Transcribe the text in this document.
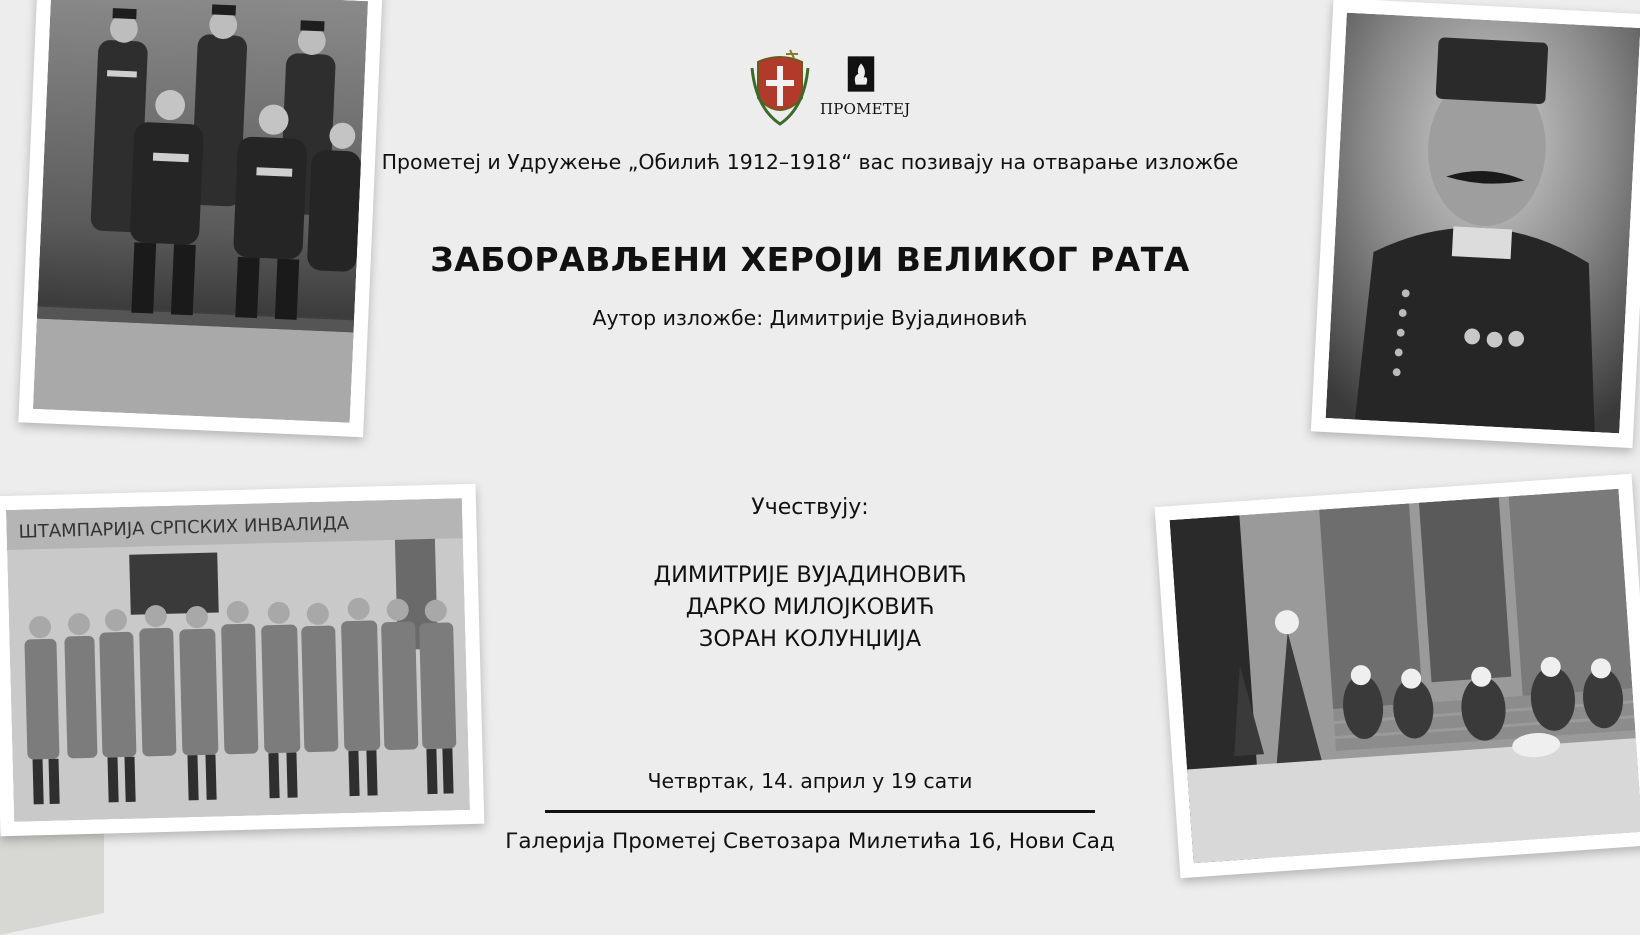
ШТАМПАРИЈА СРПСКИХ ИНВАЛИДА
ПРОМЕТЕЈ
Прометеј и Удружење „Обилић 1912–1918“ вас позивају на отварање изложбе
ЗАБОРАВЉЕНИ ХЕРОЈИ ВЕЛИКОГ РАТА
Аутор изложбе: Димитрије Вујадиновић
Учествују:
ДИМИТРИЈЕ ВУЈАДИНОВИЋ
ДАРКО МИЛОЈКОВИЋ
ЗОРАН КОЛУНЏИЈА
Четвртак, 14. април у 19 сати
Галерија Прометеј Светозара Милетића 16, Нови Сад
